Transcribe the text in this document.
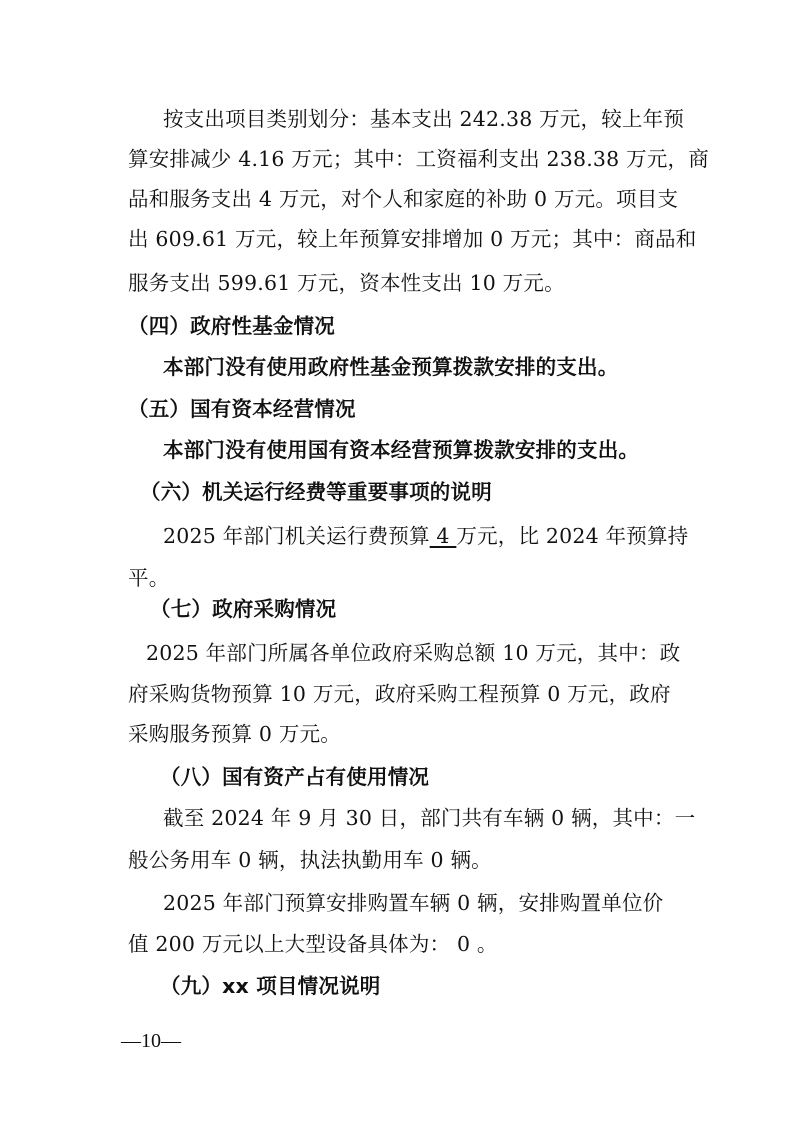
按支出项目类别划分：基本支出 242.38 万元，较上年预
算安排减少 4.16 万元；其中：工资福利支出 238.38 万元，商
品和服务支出 4 万元，对个人和家庭的补助 0 万元。项目支
出 609.61 万元，较上年预算安排增加 0 万元；其中：商品和
服务支出 599.61 万元，资本性支出 10 万元。
（四）政府性基金情况
本部门没有使用政府性基金预算拨款安排的支出。
（五）国有资本经营情况
本部门没有使用国有资本经营预算拨款安排的支出。
（六）机关运行经费等重要事项的说明
2025 年部门机关运行费预算 4 万元，比 2024 年预算持
平。
（七）政府采购情况
2025 年部门所属各单位政府采购总额 10 万元，其中：政
府采购货物预算 10 万元，政府采购工程预算 0 万元，政府
采购服务预算 0 万元。
（八）国有资产占有使用情况
截至 2024 年 9 月 30 日，部门共有车辆 0 辆，其中：一
般公务用车 0 辆，执法执勤用车 0 辆。
2025 年部门预算安排购置车辆 0 辆，安排购置单位价
值 200 万元以上大型设备具体为： 0 。
（九）xx 项目情况说明
—10—
